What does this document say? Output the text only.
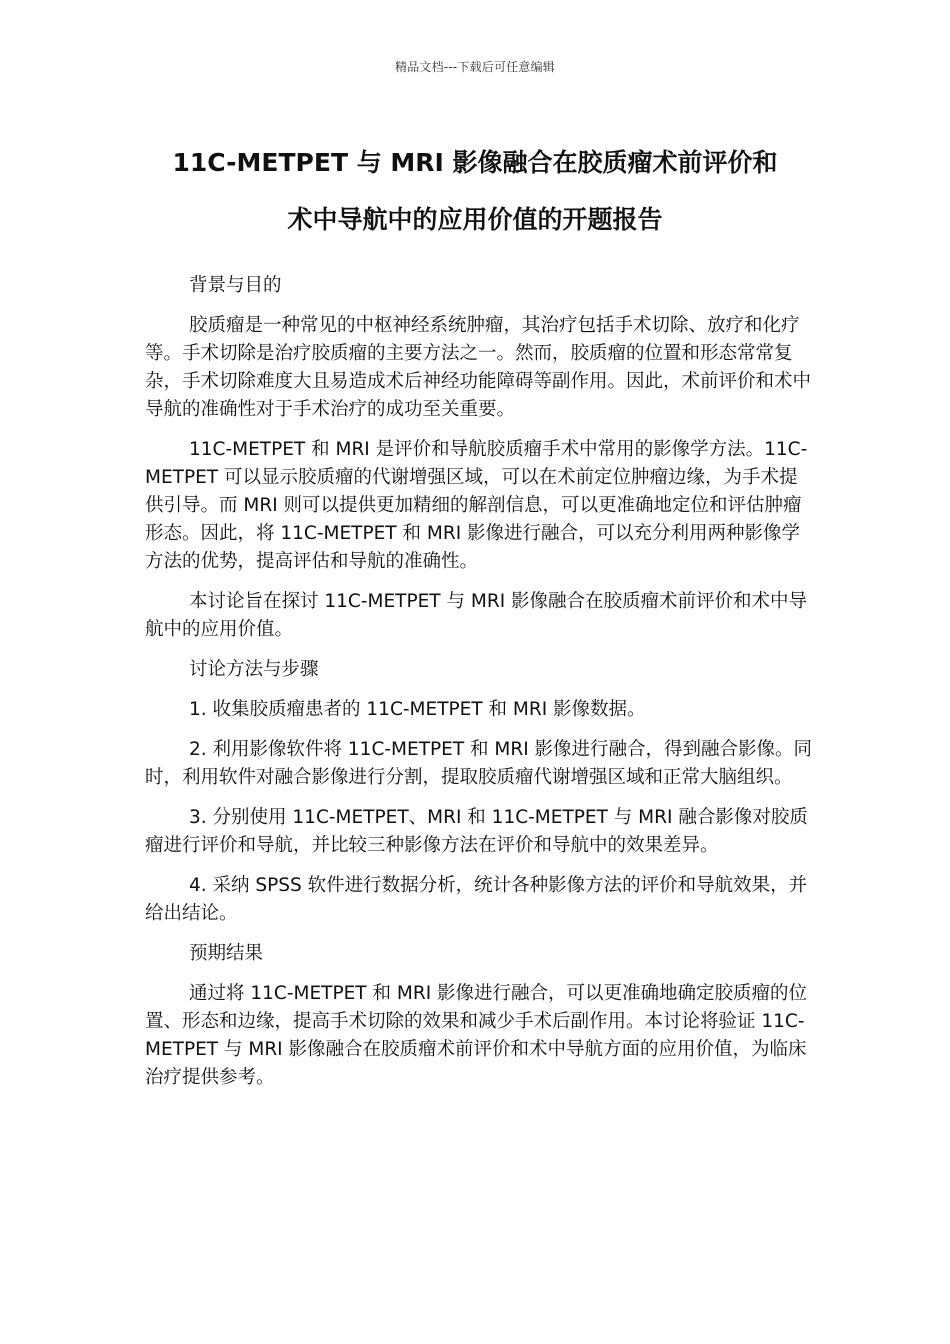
精品文档---下载后可任意编辑
11C-METPET 与 MRI 影像融合在胶质瘤术前评价和
术中导航中的应用价值的开题报告

背景与目的

胶质瘤是一种常见的中枢神经系统肿瘤，其治疗包括手术切除、放疗和化疗等。手术切除是治疗胶质瘤的主要方法之一。然而，胶质瘤的位置和形态常常复杂，手术切除难度大且易造成术后神经功能障碍等副作用。因此，术前评价和术中导航的准确性对于手术治疗的成功至关重要。

11C-METPET 和 MRI 是评价和导航胶质瘤手术中常用的影像学方法。11C-METPET 可以显示胶质瘤的代谢增强区域，可以在术前定位肿瘤边缘，为手术提供引导。而 MRI 则可以提供更加精细的解剖信息，可以更准确地定位和评估肿瘤形态。因此，将 11C-METPET 和 MRI 影像进行融合，可以充分利用两种影像学方法的优势，提高评估和导航的准确性。

本讨论旨在探讨 11C-METPET 与 MRI 影像融合在胶质瘤术前评价和术中导航中的应用价值。

讨论方法与步骤

1. 收集胶质瘤患者的 11C-METPET 和 MRI 影像数据。

2. 利用影像软件将 11C-METPET 和 MRI 影像进行融合，得到融合影像。同时，利用软件对融合影像进行分割，提取胶质瘤代谢增强区域和正常大脑组织。

3. 分别使用 11C-METPET、MRI 和 11C-METPET 与 MRI 融合影像对胶质瘤进行评价和导航，并比较三种影像方法在评价和导航中的效果差异。

4. 采纳 SPSS 软件进行数据分析，统计各种影像方法的评价和导航效果，并给出结论。

预期结果

通过将 11C-METPET 和 MRI 影像进行融合，可以更准确地确定胶质瘤的位置、形态和边缘，提高手术切除的效果和减少手术后副作用。本讨论将验证 11C-METPET 与 MRI 影像融合在胶质瘤术前评价和术中导航方面的应用价值，为临床治疗提供参考。
